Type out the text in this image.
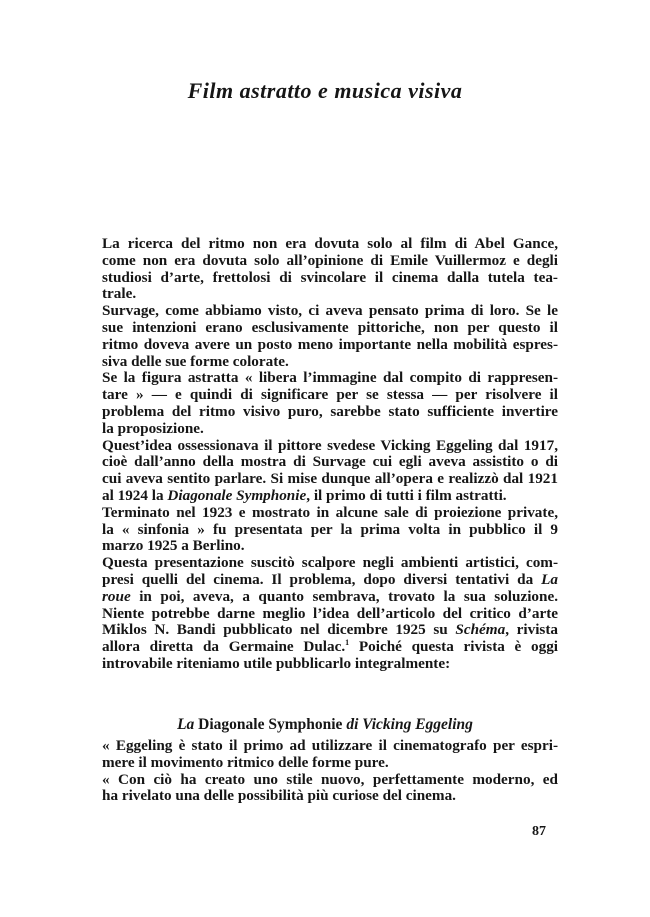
Film astratto e musica visiva
La ricerca del ritmo non era dovuta solo al film di Abel Gance,
come non era dovuta solo all’opinione di Emile Vuillermoz e degli
studiosi d’arte, frettolosi di svincolare il cinema dalla tutela tea-
trale.
Survage, come abbiamo visto, ci aveva pensato prima di loro. Se le
sue intenzioni erano esclusivamente pittoriche, non per questo il
ritmo doveva avere un posto meno importante nella mobilità espres-
siva delle sue forme colorate.
Se la figura astratta « libera l’immagine dal compito di rappresen-
tare » — e quindi di significare per se stessa — per risolvere il
problema del ritmo visivo puro, sarebbe stato sufficiente invertire
la proposizione.
Quest’idea ossessionava il pittore svedese Vicking Eggeling dal 1917,
cioè dall’anno della mostra di Survage cui egli aveva assistito o di
cui aveva sentito parlare. Si mise dunque all’opera e realizzò dal 1921
al 1924 la Diagonale Symphonie, il primo di tutti i film astratti.
Terminato nel 1923 e mostrato in alcune sale di proiezione private,
la « sinfonia » fu presentata per la prima volta in pubblico il 9
marzo 1925 a Berlino.
Questa presentazione suscitò scalpore negli ambienti artistici, com-
presi quelli del cinema. Il problema, dopo diversi tentativi da La
roue in poi, aveva, a quanto sembrava, trovato la sua soluzione.
Niente potrebbe darne meglio l’idea dell’articolo del critico d’arte
Miklos N. Bandi pubblicato nel dicembre 1925 su Schéma, rivista
allora diretta da Germaine Dulac.$^1$ Poiché questa rivista è oggi
introvabile riteniamo utile pubblicarlo integralmente:
La Diagonale Symphonie di Vicking Eggeling
« Eggeling è stato il primo ad utilizzare il cinematografo per espri-
mere il movimento ritmico delle forme pure.
« Con ciò ha creato uno stile nuovo, perfettamente moderno, ed
ha rivelato una delle possibilità più curiose del cinema.
87
